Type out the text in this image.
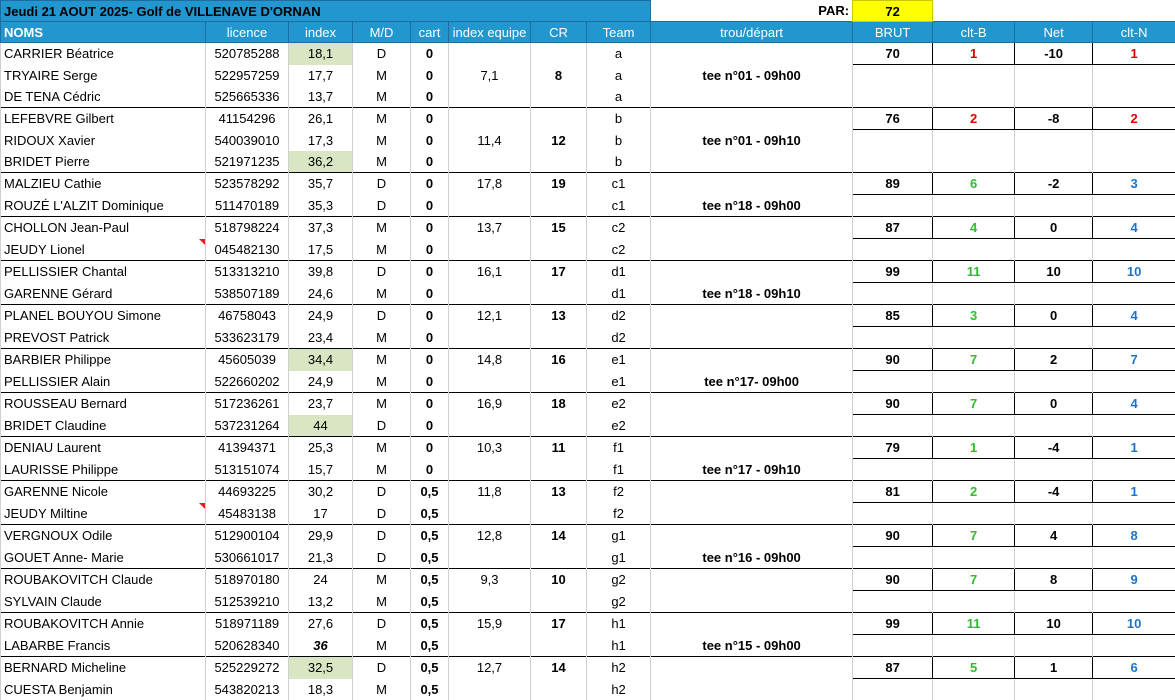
Jeudi 21 AOUT 2025- Golf de VILLENAVE D'ORNAN								PAR:	72			
NOMS	licence	index	M/D	cart	index equipe	CR	Team	trou/départ	BRUT	clt-B	Net	clt-N
CARRIER Béatrice	520785288	18,1	D	0			a		70	1	-10	1
TRYAIRE Serge	522957259	17,7	M	0	7,1	8	a	tee n°01 - 09h00				
DE TENA Cédric	525665336	13,7	M	0			a					
LEFEBVRE Gilbert	41154296	26,1	M	0			b		76	2	-8	2
RIDOUX Xavier	540039010	17,3	M	0	11,4	12	b	tee n°01 - 09h10				
BRIDET Pierre	521971235	36,2	M	0			b					
MALZIEU Cathie	523578292	35,7	D	0	17,8	19	c1		89	6	-2	3
ROUZÉ L'ALZIT Dominique	511470189	35,3	D	0			c1	tee n°18 - 09h00				
CHOLLON Jean-Paul	518798224	37,3	M	0	13,7	15	c2		87	4	0	4
JEUDY Lionel	045482130	17,5	M	0			c2					
PELLISSIER Chantal	513313210	39,8	D	0	16,1	17	d1		99	11	10	10
GARENNE Gérard	538507189	24,6	M	0			d1	tee n°18 - 09h10				
PLANEL BOUYOU Simone	46758043	24,9	D	0	12,1	13	d2		85	3	0	4
PREVOST Patrick	533623179	23,4	M	0			d2					
BARBIER Philippe	45605039	34,4	M	0	14,8	16	e1		90	7	2	7
PELLISSIER Alain	522660202	24,9	M	0			e1	tee n°17- 09h00				
ROUSSEAU Bernard	517236261	23,7	M	0	16,9	18	e2		90	7	0	4
BRIDET Claudine	537231264	44	D	0			e2					
DENIAU Laurent	41394371	25,3	M	0	10,3	11	f1		79	1	-4	1
LAURISSE Philippe	513151074	15,7	M	0			f1	tee n°17 - 09h10				
GARENNE Nicole	44693225	30,2	D	0,5	11,8	13	f2		81	2	-4	1
JEUDY Miltine	45483138	17	D	0,5			f2					
VERGNOUX Odile	512900104	29,9	D	0,5	12,8	14	g1		90	7	4	8
GOUET Anne- Marie	530661017	21,3	D	0,5			g1	tee n°16 - 09h00				
ROUBAKOVITCH Claude	518970180	24	M	0,5	9,3	10	g2		90	7	8	9
SYLVAIN Claude	512539210	13,2	M	0,5			g2					
ROUBAKOVITCH Annie	518971189	27,6	D	0,5	15,9	17	h1		99	11	10	10
LABARBE Francis	520628340	36	M	0,5			h1	tee n°15 - 09h00				
BERNARD Micheline	525229272	32,5	D	0,5	12,7	14	h2		87	5	1	6
CUESTA Benjamin	543820213	18,3	M	0,5			h2					
